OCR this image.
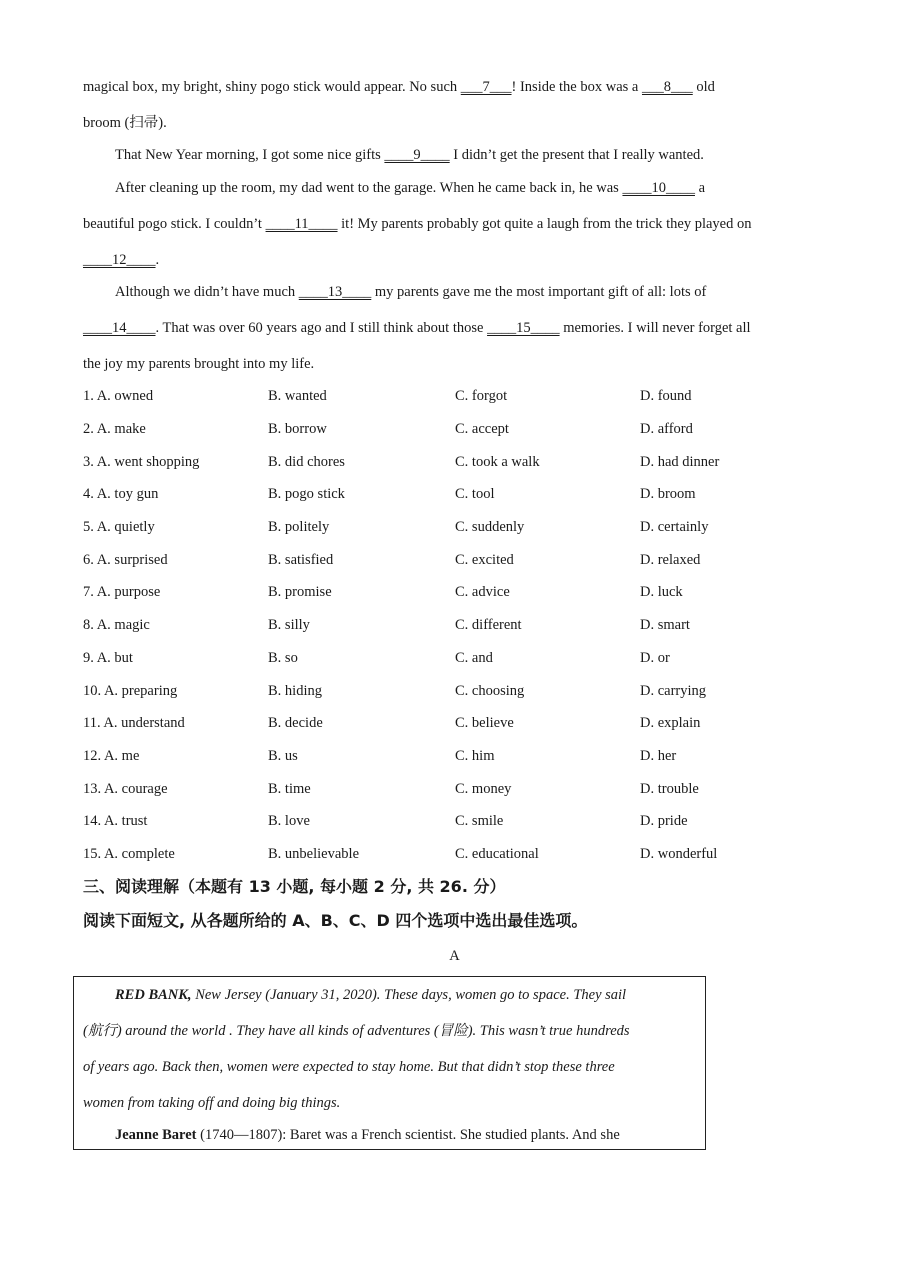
magical box, my bright, shiny pogo stick would appear. No such ___7___! Inside the box was a ___8___ old
broom (扫帚).
That New Year morning, I got some nice gifts ____9____ I didn’t get the present that I really wanted.
After cleaning up the room, my dad went to the garage. When he came back in, he was ____10____ a
beautiful pogo stick. I couldn’t ____11____ it! My parents probably got quite a laugh from the trick they played on
____12____.
Although we didn’t have much ____13____ my parents gave me the most important gift of all: lots of
____14____. That was over 60 years ago and I still think about those ____15____ memories. I will never forget all
the joy my parents brought into my life.
1. A. owned	B. wanted	C. forgot	D. found
2. A. make	B. borrow	C. accept	D. afford
3. A. went shopping	B. did chores	C. took a walk	D. had dinner
4. A. toy gun	B. pogo stick	C. tool	D. broom
5. A. quietly	B. politely	C. suddenly	D. certainly
6. A. surprised	B. satisfied	C. excited	D. relaxed
7. A. purpose	B. promise	C. advice	D. luck
8. A. magic	B. silly	C. different	D. smart
9. A. but	B. so	C. and	D. or
10. A. preparing	B. hiding	C. choosing	D. carrying
11. A. understand	B. decide	C. believe	D. explain
12. A. me	B. us	C. him	D. her
13. A. courage	B. time	C. money	D. trouble
14. A. trust	B. love	C. smile	D. pride
15. A. complete	B. unbelievable	C. educational	D. wonderful
三、阅读理解（本题有 13 小题, 每小题 2 分, 共 26. 分）
阅读下面短文, 从各题所给的 A、B、C、D 四个选项中选出最佳选项。
A
RED BANK, New Jersey (January 31, 2020). These days, women go to space. They sail
(航行) around the world . They have all kinds of adventures (冒险). This wasn’t true hundreds
of years ago. Back then, women were expected to stay home. But that didn’t stop these three
women from taking off and doing big things.
Jeanne Baret (1740—1807): Baret was a French scientist. She studied plants. And she
